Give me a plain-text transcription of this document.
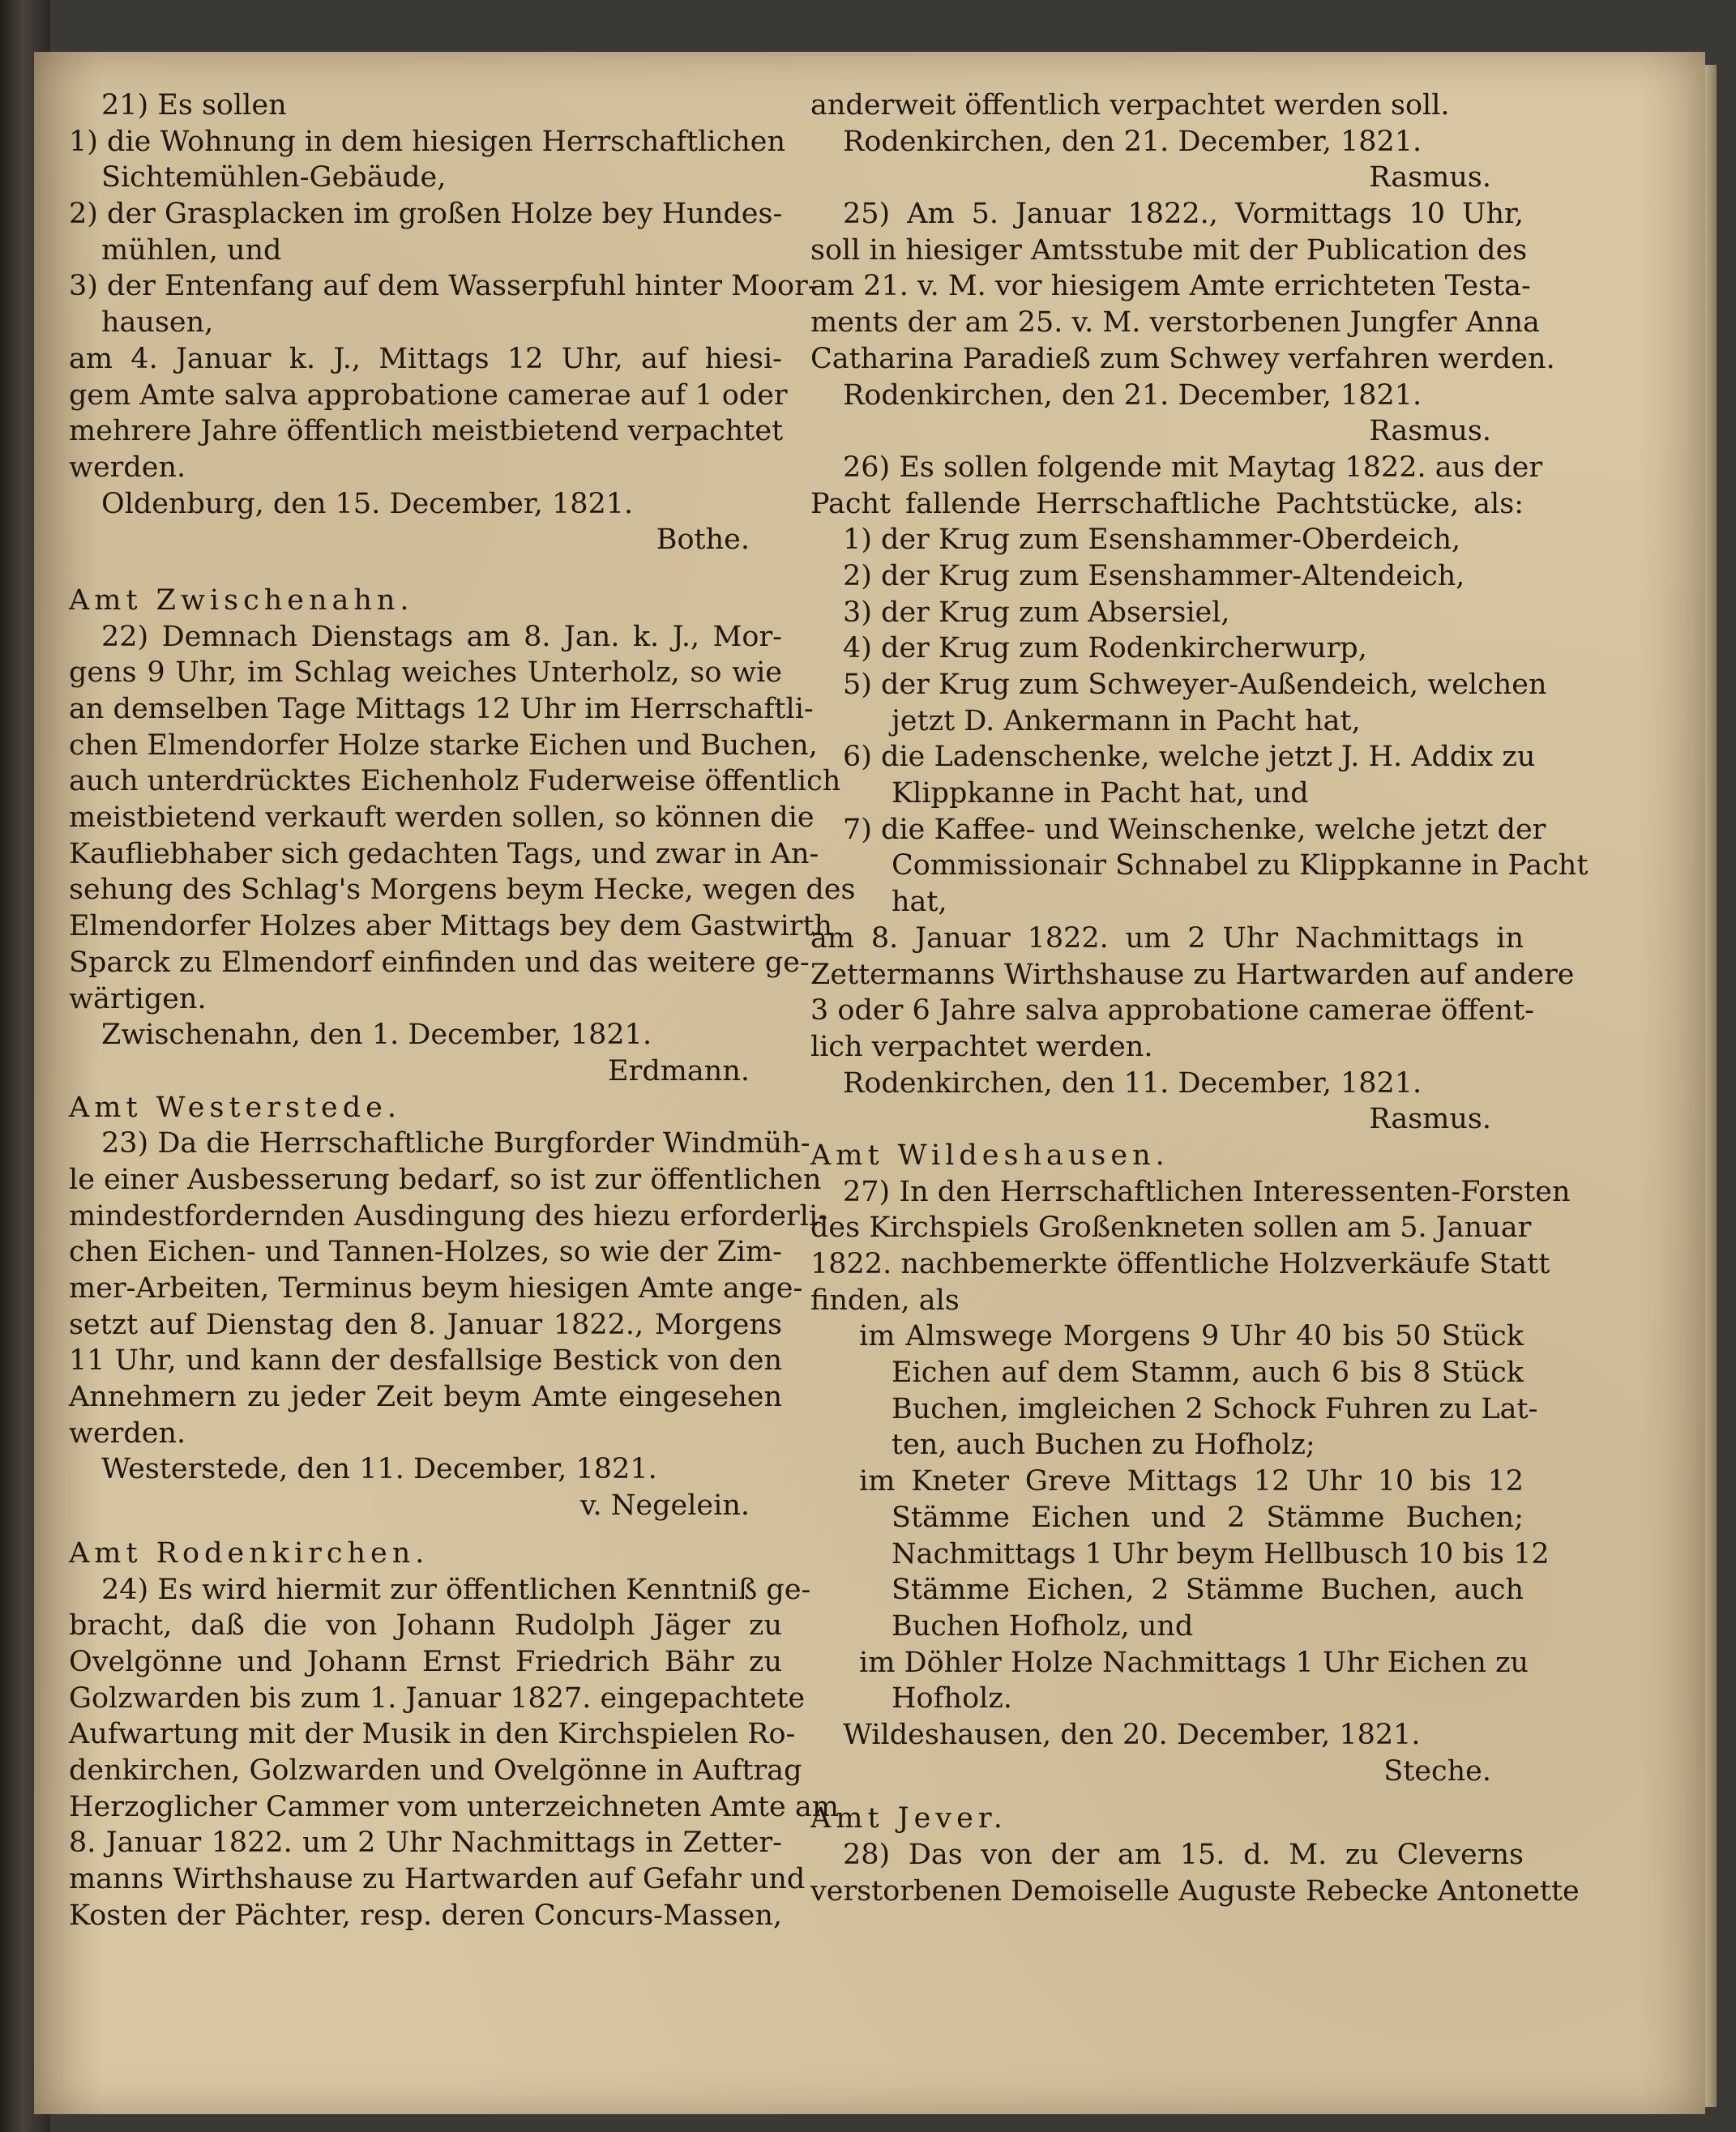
21) Es sollen
1) die Wohnung in dem hiesigen Herrschaftlichen
Sichtemühlen-Gebäude,
2) der Grasplacken im großen Holze bey Hundes-
mühlen, und
3) der Entenfang auf dem Wasserpfuhl hinter Moor-
hausen,
am 4. Januar k. J., Mittags 12 Uhr, auf hiesi-
gem Amte salva approbatione camerae auf 1 oder
mehrere Jahre öffentlich meistbietend verpachtet
werden.
Oldenburg, den 15. December, 1821.
Bothe.
Amt Zwischenahn.
22) Demnach Dienstags am 8. Jan. k. J., Mor-
gens 9 Uhr, im Schlag weiches Unterholz, so wie
an demselben Tage Mittags 12 Uhr im Herrschaftli-
chen Elmendorfer Holze starke Eichen und Buchen,
auch unterdrücktes Eichenholz Fuderweise öffentlich
meistbietend verkauft werden sollen, so können die
Kaufliebhaber sich gedachten Tags, und zwar in An-
sehung des Schlag's Morgens beym Hecke, wegen des
Elmendorfer Holzes aber Mittags bey dem Gastwirth
Sparck zu Elmendorf einfinden und das weitere ge-
wärtigen.
Zwischenahn, den 1. December, 1821.
Erdmann.
Amt Westerstede.
23) Da die Herrschaftliche Burgforder Windmüh-
le einer Ausbesserung bedarf, so ist zur öffentlichen
mindestfordernden Ausdingung des hiezu erforderli-
chen Eichen- und Tannen-Holzes, so wie der Zim-
mer-Arbeiten, Terminus beym hiesigen Amte ange-
setzt auf Dienstag den 8. Januar 1822., Morgens
11 Uhr, und kann der desfallsige Bestick von den
Annehmern zu jeder Zeit beym Amte eingesehen
werden.
Westerstede, den 11. December, 1821.
v. Negelein.
Amt Rodenkirchen.
24) Es wird hiermit zur öffentlichen Kenntniß ge-
bracht, daß die von Johann Rudolph Jäger zu
Ovelgönne und Johann Ernst Friedrich Bähr zu
Golzwarden bis zum 1. Januar 1827. eingepachtete
Aufwartung mit der Musik in den Kirchspielen Ro-
denkirchen, Golzwarden und Ovelgönne in Auftrag
Herzoglicher Cammer vom unterzeichneten Amte am
8. Januar 1822. um 2 Uhr Nachmittags in Zetter-
manns Wirthshause zu Hartwarden auf Gefahr und
Kosten der Pächter, resp. deren Concurs-Massen,
anderweit öffentlich verpachtet werden soll.
Rodenkirchen, den 21. December, 1821.
Rasmus.
25) Am 5. Januar 1822., Vormittags 10 Uhr,
soll in hiesiger Amtsstube mit der Publication des
am 21. v. M. vor hiesigem Amte errichteten Testa-
ments der am 25. v. M. verstorbenen Jungfer Anna
Catharina Paradieß zum Schwey verfahren werden.
Rodenkirchen, den 21. December, 1821.
Rasmus.
26) Es sollen folgende mit Maytag 1822. aus der
Pacht fallende Herrschaftliche Pachtstücke, als:
1) der Krug zum Esenshammer-Oberdeich,
2) der Krug zum Esenshammer-Altendeich,
3) der Krug zum Absersiel,
4) der Krug zum Rodenkircherwurp,
5) der Krug zum Schweyer-Außendeich, welchen
jetzt D. Ankermann in Pacht hat,
6) die Ladenschenke, welche jetzt J. H. Addix zu
Klippkanne in Pacht hat, und
7) die Kaffee- und Weinschenke, welche jetzt der
Commissionair Schnabel zu Klippkanne in Pacht
hat,
am 8. Januar 1822. um 2 Uhr Nachmittags in
Zettermanns Wirthshause zu Hartwarden auf andere
3 oder 6 Jahre salva approbatione camerae öffent-
lich verpachtet werden.
Rodenkirchen, den 11. December, 1821.
Rasmus.
Amt Wildeshausen.
27) In den Herrschaftlichen Interessenten-Forsten
des Kirchspiels Großenkneten sollen am 5. Januar
1822. nachbemerkte öffentliche Holzverkäufe Statt
finden, als
im Almswege Morgens 9 Uhr 40 bis 50 Stück
Eichen auf dem Stamm, auch 6 bis 8 Stück
Buchen, imgleichen 2 Schock Fuhren zu Lat-
ten, auch Buchen zu Hofholz;
im Kneter Greve Mittags 12 Uhr 10 bis 12
Stämme Eichen und 2 Stämme Buchen;
Nachmittags 1 Uhr beym Hellbusch 10 bis 12
Stämme Eichen, 2 Stämme Buchen, auch
Buchen Hofholz, und
im Döhler Holze Nachmittags 1 Uhr Eichen zu
Hofholz.
Wildeshausen, den 20. December, 1821.
Steche.
Amt Jever.
28) Das von der am 15. d. M. zu Cleverns
verstorbenen Demoiselle Auguste Rebecke Antonette
